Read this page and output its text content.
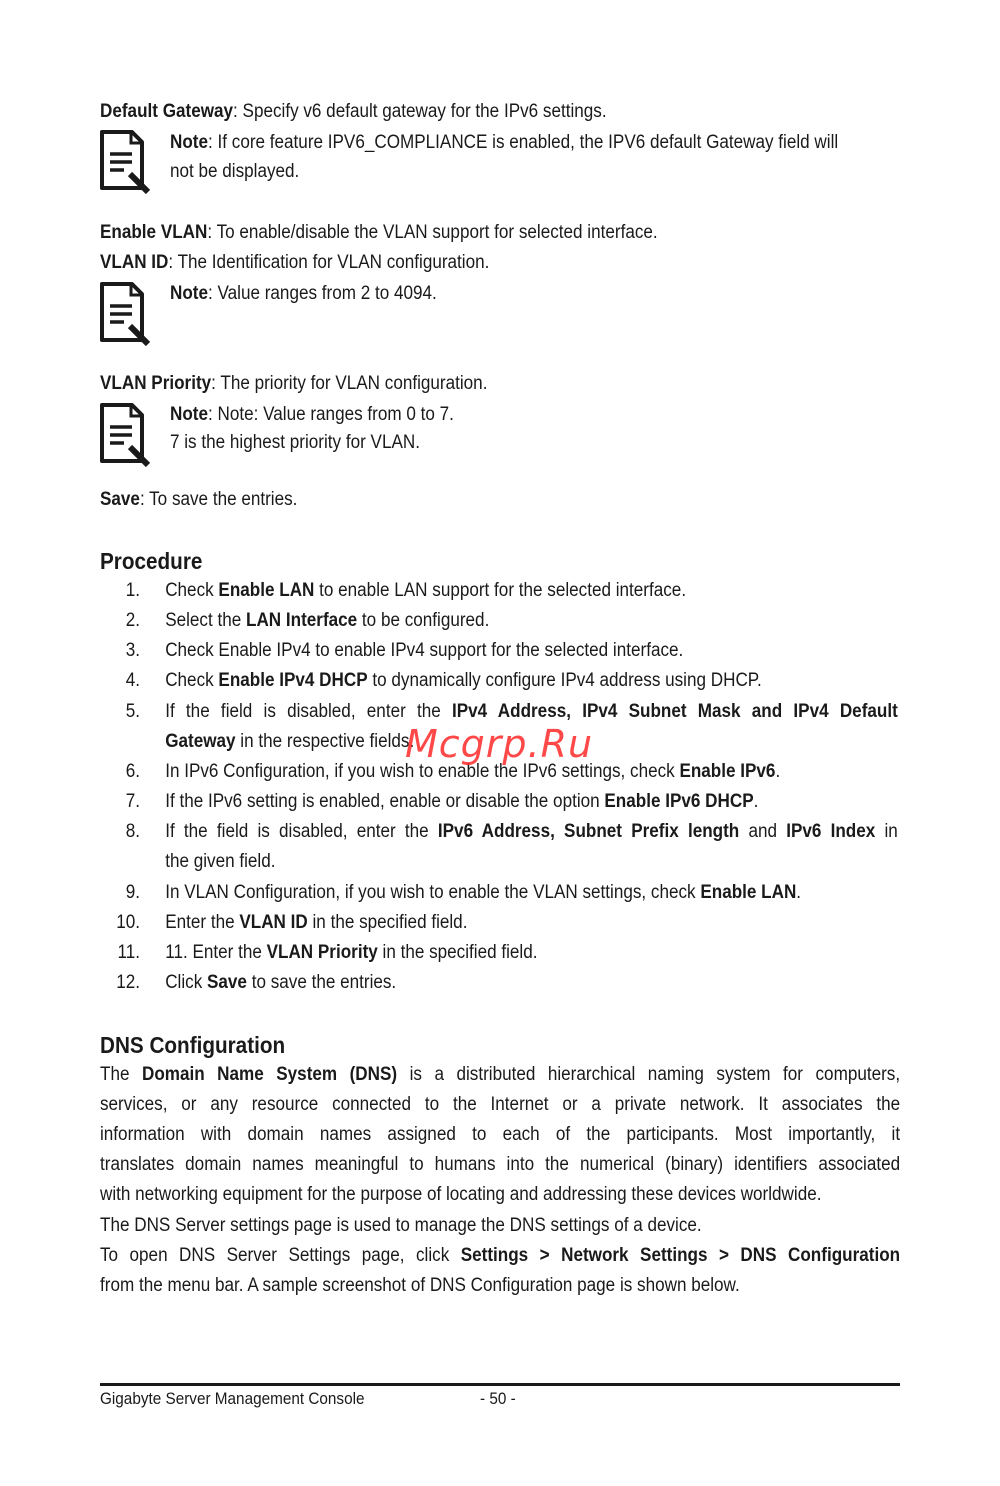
Default Gateway: Specify v6 default gateway for the IPv6 settings.
Note: If core feature IPV6_COMPLIANCE is enabled, the IPV6 default Gateway field will
not be displayed.
Enable VLAN: To enable/disable the VLAN support for selected interface.
VLAN ID: The Identification for VLAN configuration.
Note: Value ranges from 2 to 4094.
VLAN Priority: The priority for VLAN configuration.
Note: Note: Value ranges from 0 to 7.
7 is the highest priority for VLAN.
Save: To save the entries.
Procedure
1. Check Enable LAN to enable LAN support for the selected interface.
2. Select the LAN Interface to be configured.
3. Check Enable IPv4 to enable IPv4 support for the selected interface.
4. Check Enable IPv4 DHCP to dynamically configure IPv4 address using DHCP.
5. If the field is disabled, enter the IPv4 Address, IPv4 Subnet Mask and IPv4 Default
Gateway in the respective fields.
6. In IPv6 Configuration, if you wish to enable the IPv6 settings, check Enable IPv6.
7. If the IPv6 setting is enabled, enable or disable the option Enable IPv6 DHCP.
8. If the field is disabled, enter the IPv6 Address, Subnet Prefix length and IPv6 Index in
the given field.
9. In VLAN Configuration, if you wish to enable the VLAN settings, check Enable LAN.
10. Enter the VLAN ID in the specified field.
11. 11. Enter the VLAN Priority in the specified field.
12. Click Save to save the entries.
Mcgrp.Ru
DNS Configuration
The Domain Name System (DNS) is a distributed hierarchical naming system for computers,
services, or any resource connected to the Internet or a private network. It associates the
information with domain names assigned to each of the participants. Most importantly, it
translates domain names meaningful to humans into the numerical (binary) identifiers associated
with networking equipment for the purpose of locating and addressing these devices worldwide.
The DNS Server settings page is used to manage the DNS settings of a device.
To open DNS Server Settings page, click Settings > Network Settings > DNS Configuration
from the menu bar. A sample screenshot of DNS Configuration page is shown below.
Gigabyte Server Management Console	- 50 -
